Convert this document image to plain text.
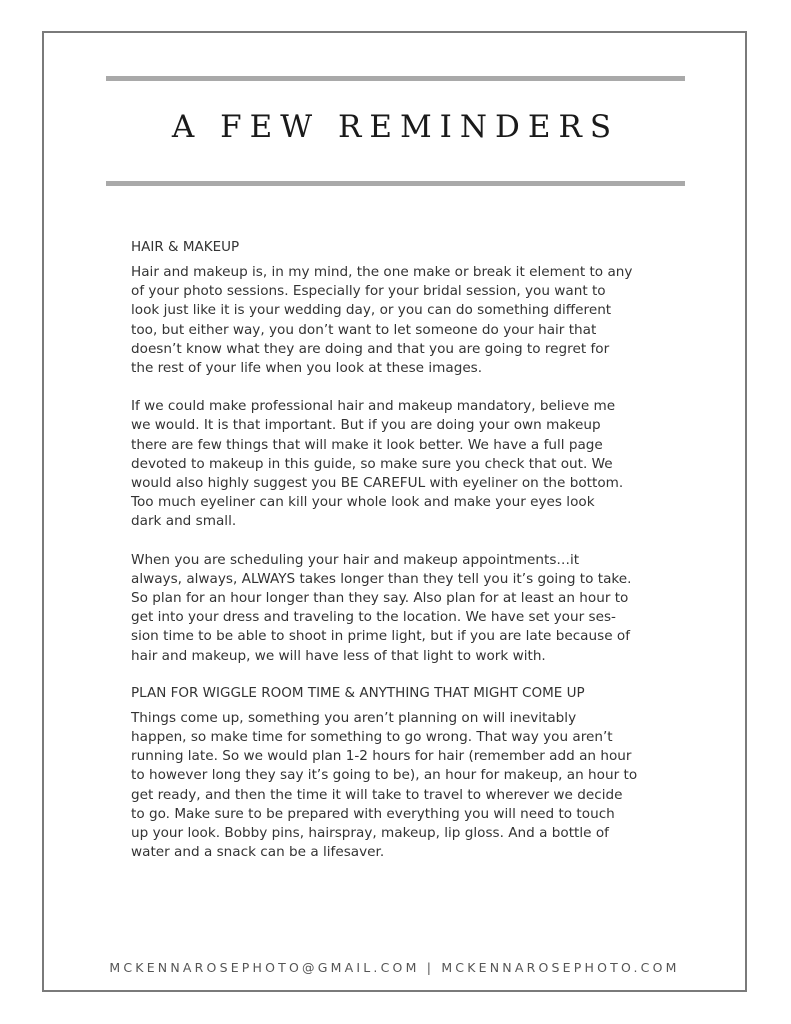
A FEW REMINDERS
HAIR & MAKEUP
Hair and makeup is, in my mind, the one make or break it element to any
of your photo sessions. Especially for your bridal session, you want to
look just like it is your wedding day, or you can do something different
too, but either way, you don’t want to let someone do your hair that
doesn’t know what they are doing and that you are going to regret for
the rest of your life when you look at these images.
If we could make professional hair and makeup mandatory, believe me
we would. It is that important. But if you are doing your own makeup
there are few things that will make it look better. We have a full page
devoted to makeup in this guide, so make sure you check that out. We
would also highly suggest you BE CAREFUL with eyeliner on the bottom.
Too much eyeliner can kill your whole look and make your eyes look
dark and small.
When you are scheduling your hair and makeup appointments…it
always, always, ALWAYS takes longer than they tell you it’s going to take.
So plan for an hour longer than they say. Also plan for at least an hour to
get into your dress and traveling to the location. We have set your ses-
sion time to be able to shoot in prime light, but if you are late because of
hair and makeup, we will have less of that light to work with.
PLAN FOR WIGGLE ROOM TIME & ANYTHING THAT MIGHT COME UP
Things come up, something you aren’t planning on will inevitably
happen, so make time for something to go wrong. That way you aren’t
running late. So we would plan 1-2 hours for hair (remember add an hour
to however long they say it’s going to be), an hour for makeup, an hour to
get ready, and then the time it will take to travel to wherever we decide
to go. Make sure to be prepared with everything you will need to touch
up your look. Bobby pins, hairspray, makeup, lip gloss. And a bottle of
water and a snack can be a lifesaver.
MCKENNAROSEPHOTO@GMAIL.COM | MCKENNAROSEPHOTO.COM
